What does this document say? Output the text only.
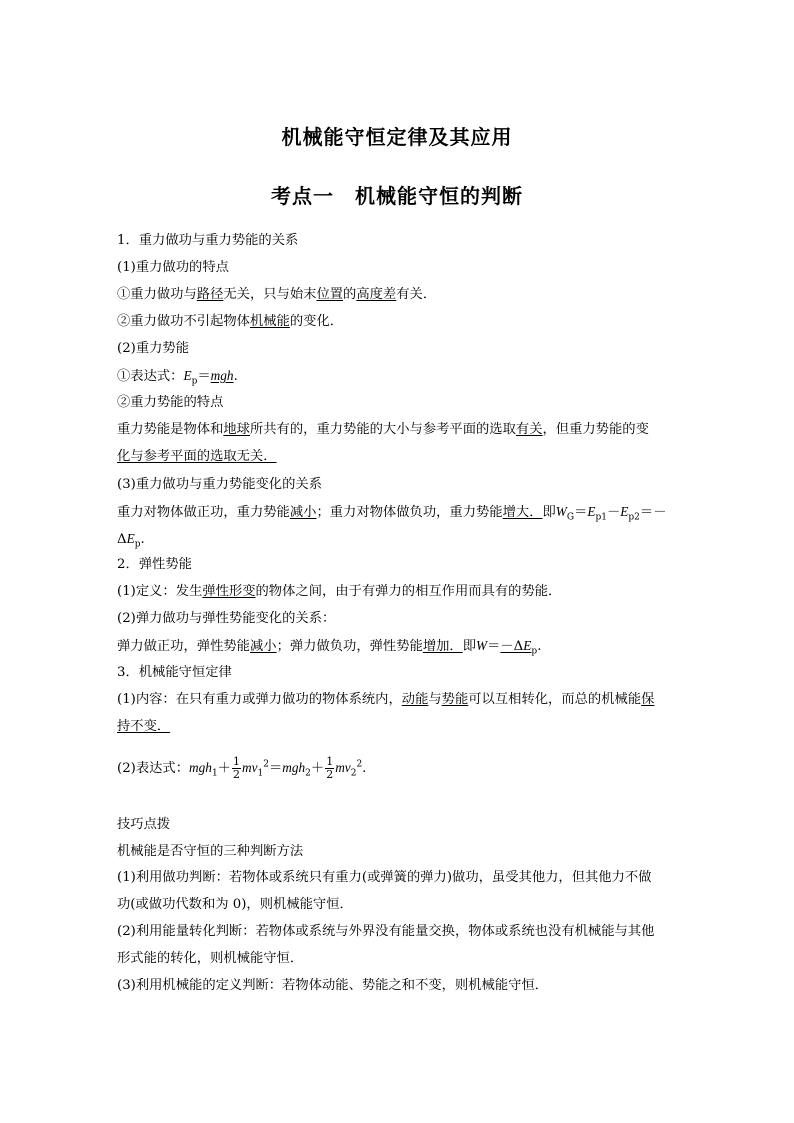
机械能守恒定律及其应用
考点一　机械能守恒的判断
1．重力做功与重力势能的关系
(1)重力做功的特点
①重力做功与路径无关，只与始末位置的高度差有关．
②重力做功不引起物体机械能的变化．
(2)重力势能
①表达式：$E_p=mgh$.
②重力势能的特点
重力势能是物体和地球所共有的，重力势能的大小与参考平面的选取有关，但重力势能的变
化与参考平面的选取无关．
(3)重力做功与重力势能变化的关系
重力对物体做正功，重力势能减小；重力对物体做负功，重力势能增大．即$W_G=E_{p1}-E_{p2}=-$
$\Delta E_p$.
2．弹性势能
(1)定义：发生弹性形变的物体之间，由于有弹力的相互作用而具有的势能．
(2)弹力做功与弹性势能变化的关系：
弹力做正功，弹性势能减小；弹力做负功，弹性势能增加．即$W=-\Delta E_p$.
3．机械能守恒定律
(1)内容：在只有重力或弹力做功的物体系统内，动能与势能可以互相转化，而总的机械能保
持不变．
(2)表达式：$mgh_1+ \frac{1}{2} mv_1^2=mgh_2+ \frac{1}{2} mv_2^2$.
技巧点拨
机械能是否守恒的三种判断方法
(1)利用做功判断：若物体或系统只有重力(或弹簧的弹力)做功，虽受其他力，但其他力不做
功(或做功代数和为 0)，则机械能守恒．
(2)利用能量转化判断：若物体或系统与外界没有能量交换，物体或系统也没有机械能与其他
形式能的转化，则机械能守恒．
(3)利用机械能的定义判断：若物体动能、势能之和不变，则机械能守恒．
